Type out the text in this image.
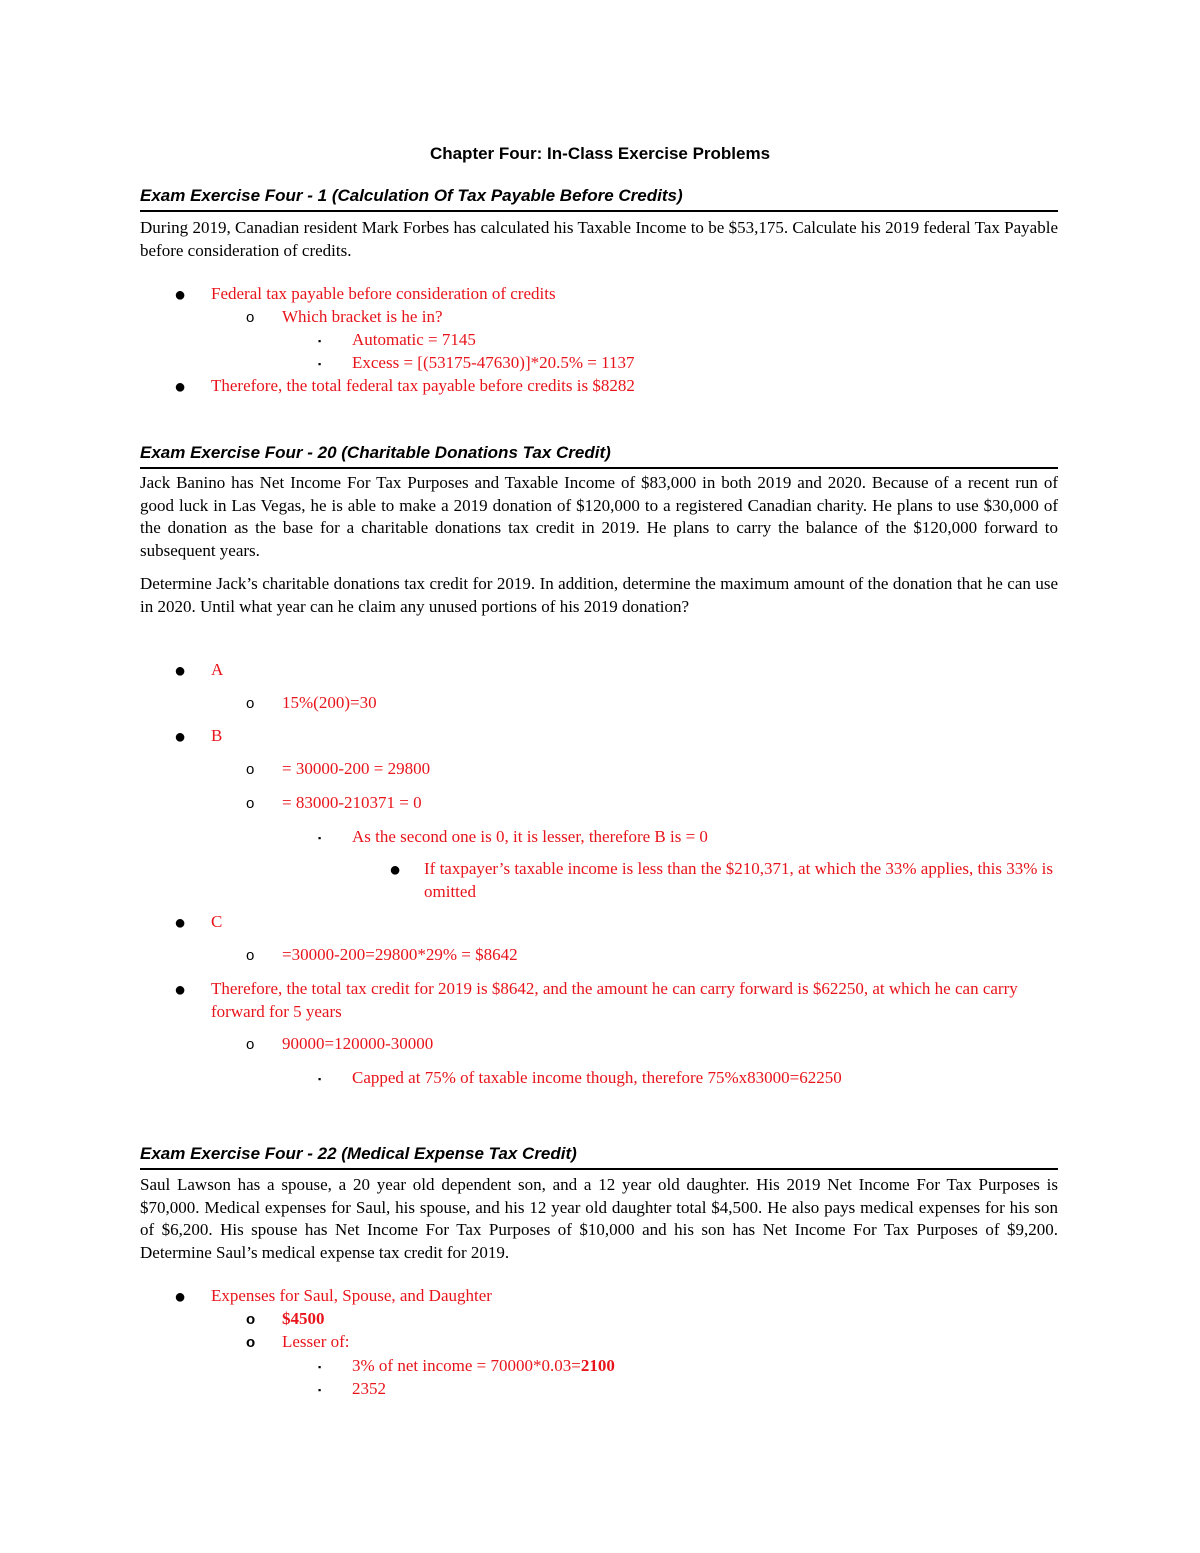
Chapter Four: In-Class Exercise Problems
Exam Exercise Four - 1 (Calculation Of Tax Payable Before Credits)
During 2019, Canadian resident Mark Forbes has calculated his Taxable Income to be $53,175. Calculate his 2019 federal Tax Payable before consideration of credits.
● Federal tax payable before consideration of credits
o Which bracket is he in?
▪ Automatic = 7145
▪ Excess = [(53175-47630)]*20.5% = 1137
● Therefore, the total federal tax payable before credits is $8282
Exam Exercise Four - 20 (Charitable Donations Tax Credit)
Jack Banino has Net Income For Tax Purposes and Taxable Income of $83,000 in both 2019 and 2020. Because of a recent run of good luck in Las Vegas, he is able to make a 2019 donation of $120,000 to a registered Canadian charity. He plans to use $30,000 of the donation as the base for a charitable donations tax credit in 2019. He plans to carry the balance of the $120,000 forward to subsequent years.
Determine Jack’s charitable donations tax credit for 2019. In addition, determine the maximum amount of the donation that he can use in 2020. Until what year can he claim any unused portions of his 2019 donation?
● A
o 15%(200)=30
● B
o = 30000-200 = 29800
o = 83000-210371 = 0
▪ As the second one is 0, it is lesser, therefore B is = 0
● If taxpayer’s taxable income is less than the $210,371, at which the 33% applies, this 33% is omitted
● C
o =30000-200=29800*29% = $8642
● Therefore, the total tax credit for 2019 is $8642, and the amount he can carry forward is $62250, at which he can carry forward for 5 years
o 90000=120000-30000
▪ Capped at 75% of taxable income though, therefore 75%x83000=62250
Exam Exercise Four - 22 (Medical Expense Tax Credit)
Saul Lawson has a spouse, a 20 year old dependent son, and a 12 year old daughter. His 2019 Net Income For Tax Purposes is $70,000. Medical expenses for Saul, his spouse, and his 12 year old daughter total $4,500. He also pays medical expenses for his son of $6,200. His spouse has Net Income For Tax Purposes of $10,000 and his son has Net Income For Tax Purposes of $9,200. Determine Saul’s medical expense tax credit for 2019.
● Expenses for Saul, Spouse, and Daughter
o $4500
o Lesser of:
▪ 3% of net income = 70000*0.03=2100
▪ 2352
